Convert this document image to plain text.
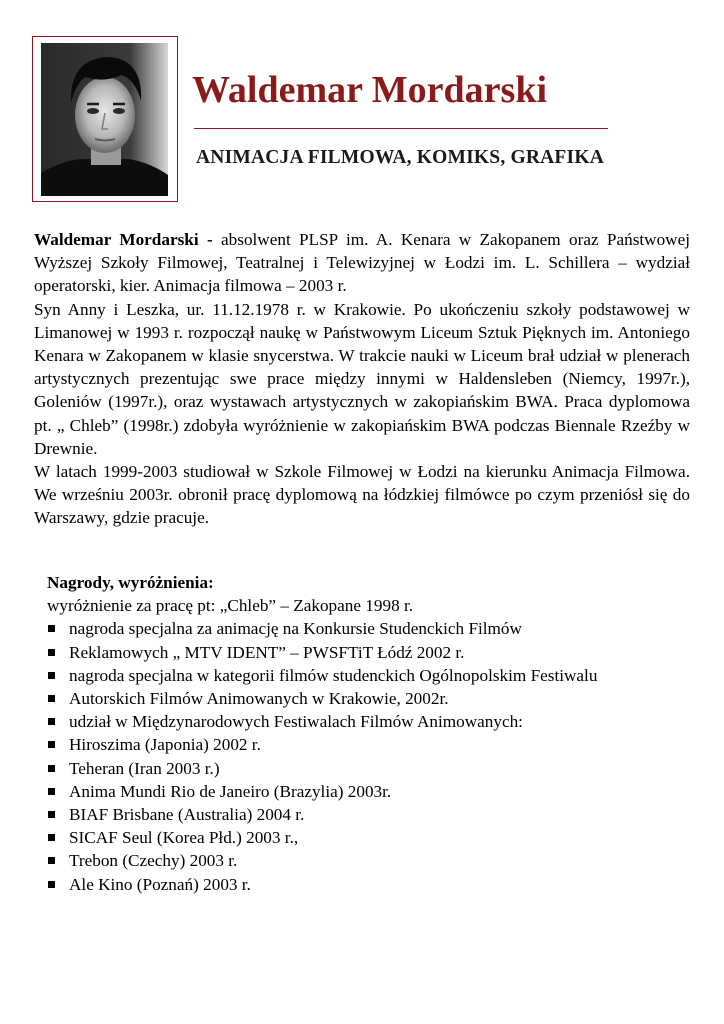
Waldemar Mordarski
ANIMACJA FILMOWA, KOMIKS, GRAFIKA

Waldemar Mordarski - absolwent PLSP im. A. Kenara w Zakopanem oraz Państwowej Wyższej Szkoły Filmowej, Teatralnej i Telewizyjnej w Łodzi im. L. Schillera – wydział operatorski, kier. Animacja filmowa – 2003 r.

Syn Anny i Leszka, ur. 11.12.1978 r. w Krakowie. Po ukończeniu szkoły podstawowej w Limanowej w 1993 r. rozpoczął naukę w Państwowym Liceum Sztuk Pięknych im. Antoniego Kenara w Zakopanem w klasie snycerstwa. W trakcie nauki w Liceum brał udział w plenerach artystycznych prezentując swe prace między innymi w Haldensleben (Niemcy, 1997r.), Goleniów (1997r.), oraz wystawach artystycznych w zakopiańskim BWA. Praca dyplomowa pt. „ Chleb” (1998r.) zdobyła wyróżnienie w zakopiańskim BWA podczas Biennale Rzeźby w Drewnie.

W latach 1999-2003 studiował w Szkole Filmowej w Łodzi na kierunku Animacja Filmowa. We wrześniu 2003r. obronił pracę dyplomową na łódzkiej filmówce po czym przeniósł się do Warszawy, gdzie pracuje.

Nagrody, wyróżnienia:

wyróżnienie za pracę pt: „Chleb” – Zakopane 1998 r.

nagroda specjalna za animację na Konkursie Studenckich Filmów
Reklamowych „ MTV IDENT” – PWSFTiT Łódź 2002 r.
nagroda specjalna w kategorii filmów studenckich Ogólnopolskim Festiwalu
Autorskich Filmów Animowanych w Krakowie, 2002r.
udział w Międzynarodowych Festiwalach Filmów Animowanych:
Hiroszima (Japonia) 2002 r.
Teheran (Iran 2003 r.)
Anima Mundi Rio de Janeiro (Brazylia) 2003r.
BIAF Brisbane (Australia) 2004 r.
SICAF Seul (Korea Płd.) 2003 r.,
Trebon (Czechy) 2003 r.
Ale Kino (Poznań) 2003 r.
